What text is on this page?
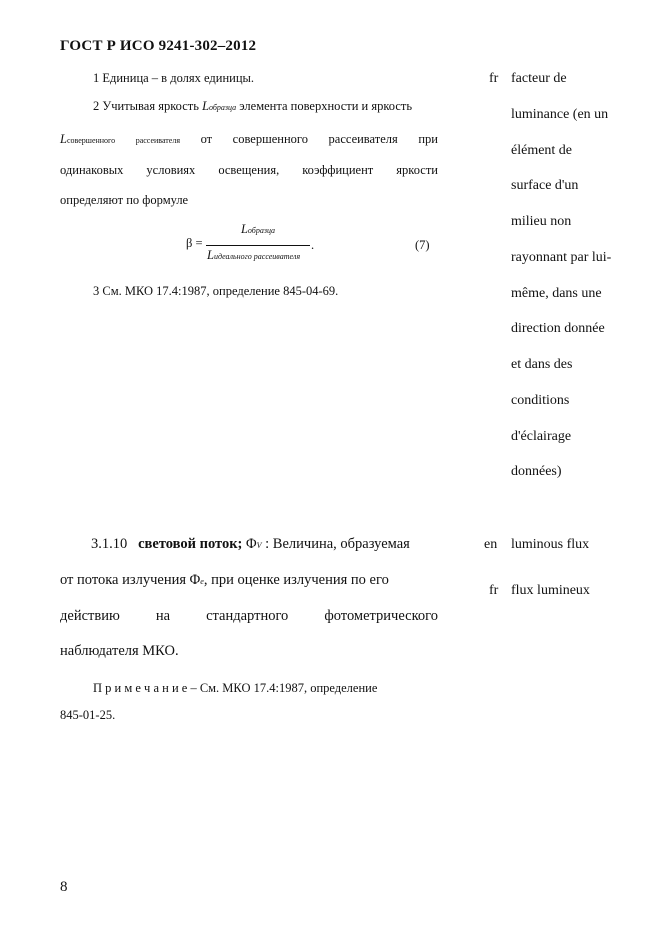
ГОСТ Р ИСО 9241-302–2012
1 Единица – в долях единицы.
2 Учитывая яркость Lобразца элемента поверхности и яркость
Lсовершенного	рассеивателя от совершенного рассеивателя при
одинаковых условиях освещения, коэффициент яркости
определяют по формуле
β =
Lобразца
Lидеального рассеивателя
.	(7)
3 См. МКО 17.4:1987, определение 845-04-69.
fr facteur de
luminance (en un
élément de
surface d'un
milieu non
rayonnant par lui-
même, dans une
direction donnée
et dans des
conditions
d'éclairage
données)
3.1.10 световой поток; ΦV : Величина, образуемая
от потока излучения Φe, при оценке излучения по его
действию на стандартного фотометрического
наблюдателя МКО.
en luminous flux
fr flux lumineux
П р и м е ч а н и е – См. МКО 17.4:1987, определение
845-01-25.
8
